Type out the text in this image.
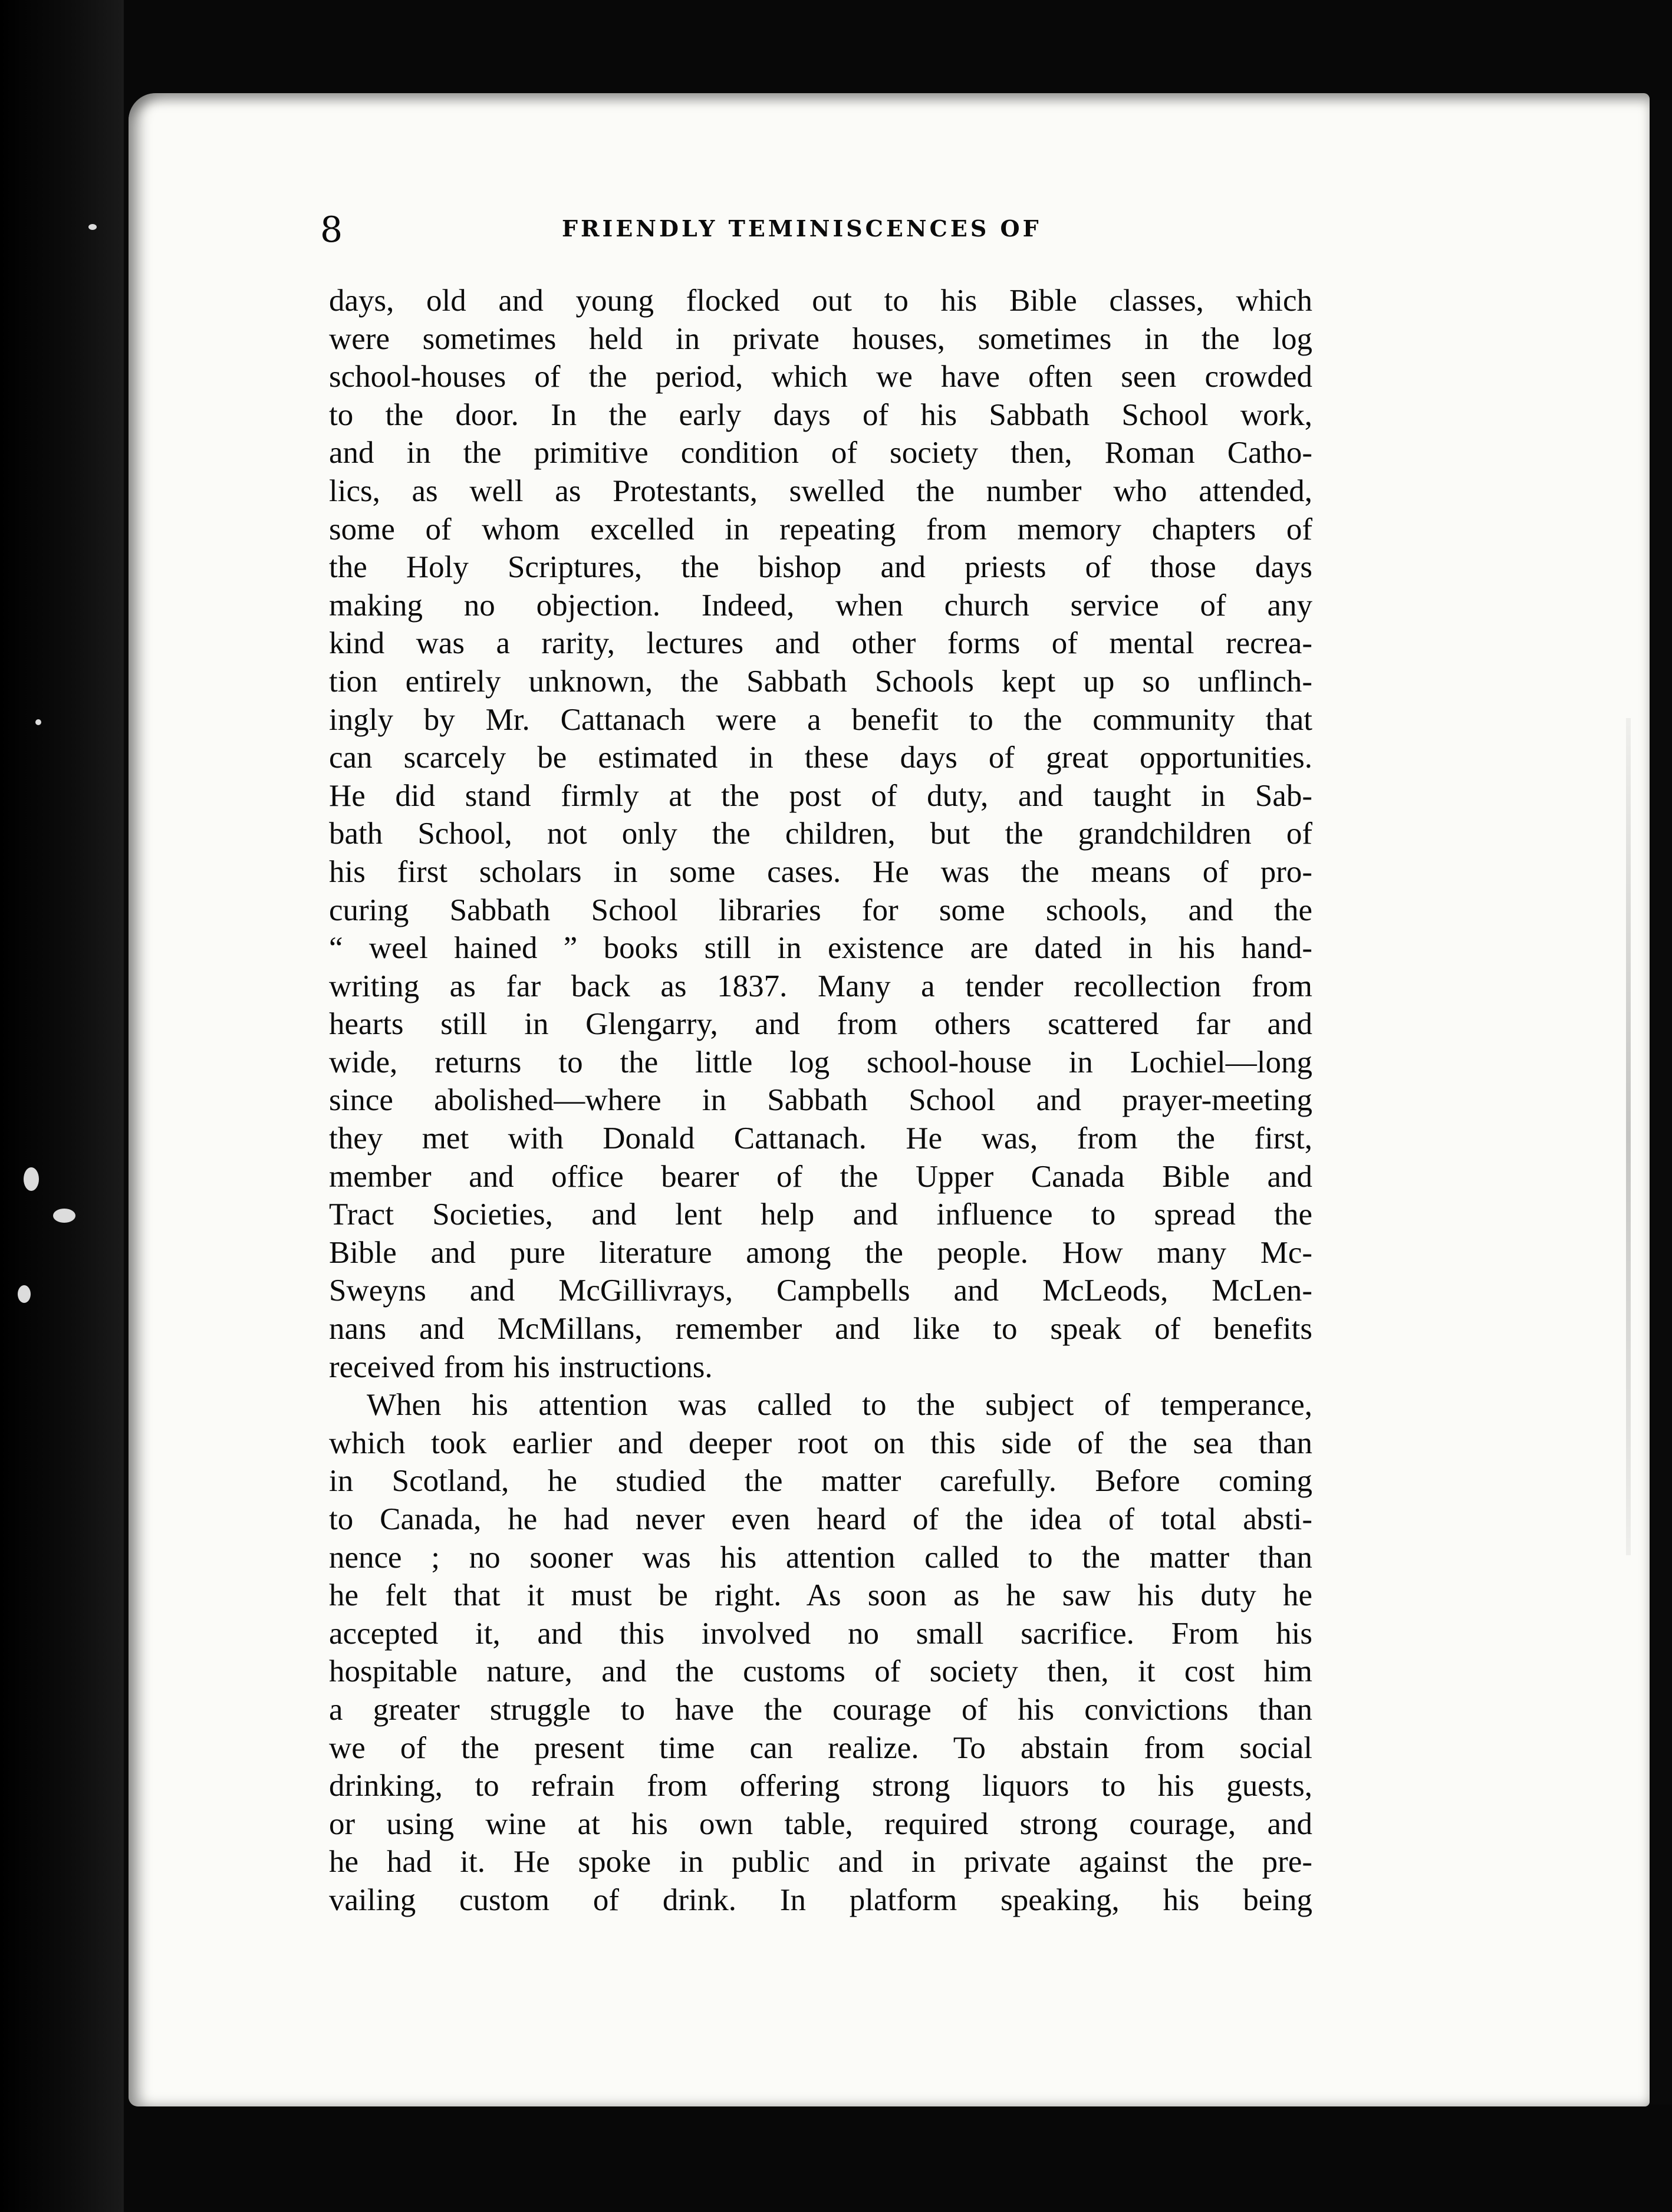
8	FRIENDLY TEMINISCENCES OF
days, old and young flocked out to his Bible classes, which
were sometimes held in private houses, sometimes in the log
school-houses of the period, which we have often seen crowded
to the door. In the early days of his Sabbath School work,
and in the primitive condition of society then, Roman Catho-
lics, as well as Protestants, swelled the number who attended,
some of whom excelled in repeating from memory chapters of
the Holy Scriptures, the bishop and priests of those days
making no objection. Indeed, when church service of any
kind was a rarity, lectures and other forms of mental recrea-
tion entirely unknown, the Sabbath Schools kept up so unflinch-
ingly by Mr. Cattanach were a benefit to the community that
can scarcely be estimated in these days of great opportunities.
He did stand firmly at the post of duty, and taught in Sab-
bath School, not only the children, but the grandchildren of
his first scholars in some cases. He was the means of pro-
curing Sabbath School libraries for some schools, and the
“ weel hained ” books still in existence are dated in his hand-
writing as far back as 1837. Many a tender recollection from
hearts still in Glengarry, and from others scattered far and
wide, returns to the little log school-house in Lochiel—long
since abolished—where in Sabbath School and prayer-meeting
they met with Donald Cattanach. He was, from the first,
member and office bearer of the Upper Canada Bible and
Tract Societies, and lent help and influence to spread the
Bible and pure literature among the people. How many Mc-
Sweyns and McGillivrays, Campbells and McLeods, McLen-
nans and McMillans, remember and like to speak of benefits
received from his instructions.
When his attention was called to the subject of temperance,
which took earlier and deeper root on this side of the sea than
in Scotland, he studied the matter carefully. Before coming
to Canada, he had never even heard of the idea of total absti-
nence ; no sooner was his attention called to the matter than
he felt that it must be right. As soon as he saw his duty he
accepted it, and this involved no small sacrifice. From his
hospitable nature, and the customs of society then, it cost him
a greater struggle to have the courage of his convictions than
we of the present time can realize. To abstain from social
drinking, to refrain from offering strong liquors to his guests,
or using wine at his own table, required strong courage, and
he had it. He spoke in public and in private against the pre-
vailing custom of drink. In platform speaking, his being
